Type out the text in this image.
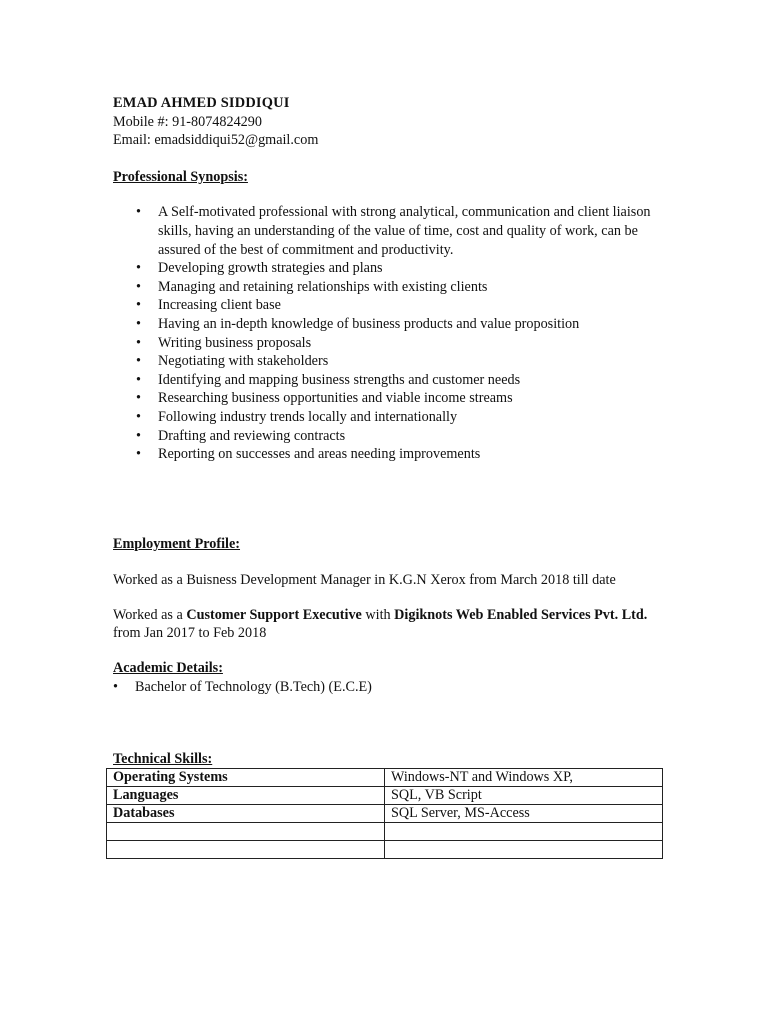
EMAD AHMED SIDDIQUI
Mobile #: 91-8074824290
Email: emadsiddiqui52@gmail.com
Professional Synopsis:
• A Self-motivated professional with strong analytical, communication and client liaison skills, having an understanding of the value of time, cost and quality of work, can be assured of the best of commitment and productivity.
• Developing growth strategies and plans
• Managing and retaining relationships with existing clients
• Increasing client base
• Having an in-depth knowledge of business products and value proposition
• Writing business proposals
• Negotiating with stakeholders
• Identifying and mapping business strengths and customer needs
• Researching business opportunities and viable income streams
• Following industry trends locally and internationally
• Drafting and reviewing contracts
• Reporting on successes and areas needing improvements
Employment Profile:

Worked as a Buisness Development Manager in K.G.N Xerox from March 2018 till date

Worked as a Customer Support Executive with Digiknots Web Enabled Services Pvt. Ltd. from Jan 2017 to Feb 2018

Academic Details:
• Bachelor of Technology (B.Tech) (E.C.E)
Technical Skills:
Operating Systems	Windows-NT and Windows XP,
Languages	SQL, VB Script
Databases	SQL Server, MS-Access
